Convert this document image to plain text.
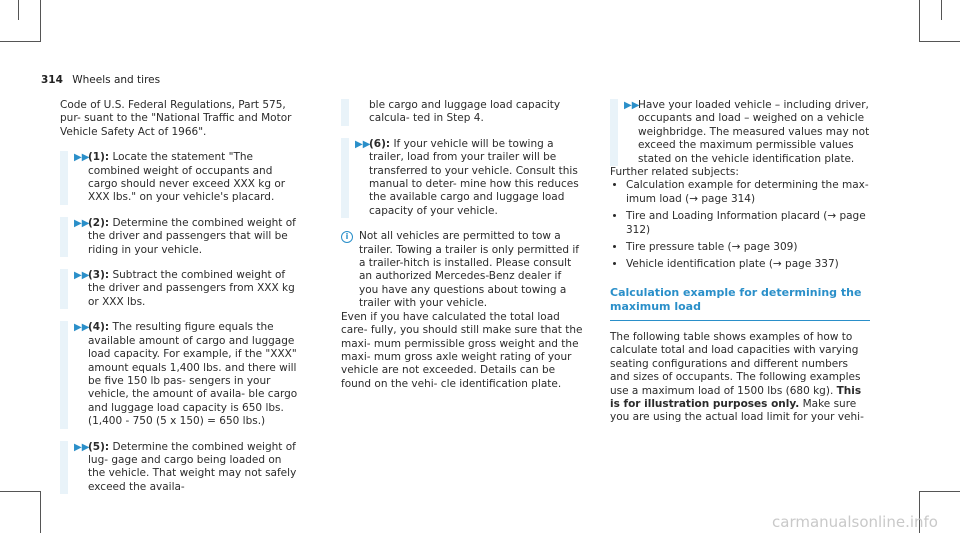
314 Wheels and tires

Code of U.S. Federal Regulations, Part 575, pur- suant to the "National Traffic and Motor Vehicle Safety Act of 1966".

▶▶
(1): Locate the statement "The combined weight of occupants and cargo should never exceed XXX kg or XXX lbs." on your vehicle's placard.
▶▶
(2): Determine the combined weight of the driver and passengers that will be riding in your vehicle.
▶▶
(3): Subtract the combined weight of the driver and passengers from XXX kg or XXX lbs.
▶▶
(4): The resulting figure equals the available amount of cargo and luggage load capacity. For example, if the "XXX" amount equals 1,400 lbs. and there will be five 150 lb pas- sengers in your vehicle, the amount of availa- ble cargo and luggage load capacity is 650 lbs. (1,400 - 750 (5 x 150) = 650 lbs.)
▶▶
(5): Determine the combined weight of lug- gage and cargo being loaded on the vehicle. That weight may not safely exceed the availa-
ble cargo and luggage load capacity calcula- ted in Step 4.
▶▶
(6): If your vehicle will be towing a trailer, load from your trailer will be transferred to your vehicle. Consult this manual to deter- mine how this reduces the available cargo and luggage load capacity of your vehicle.
i	Not all vehicles are permitted to tow a trailer. Towing a trailer is only permitted if a trailer-hitch is installed. Please consult an authorized Mercedes-Benz dealer if you have any questions about towing a trailer with your vehicle.

Even if you have calculated the total load care- fully, you should still make sure that the maxi- mum permissible gross weight and the maxi- mum gross axle weight rating of your vehicle are not exceeded. Details can be found on the vehi- cle identification plate.

▶▶
Have your loaded vehicle – including driver, occupants and load – weighed on a vehicle weighbridge. The measured values may not exceed the maximum permissible values stated on the vehicle identification plate.

Further related subjects:

• Calculation example for determining the max- imum load (→ page 314)
• Tire and Loading Information placard (→ page 312)
• Tire pressure table (→ page 309)
• Vehicle identification plate (→ page 337)
Calculation example for determining the maximum load

The following table shows examples of how to calculate total and load capacities with varying seating configurations and different numbers and sizes of occupants. The following examples use a maximum load of 1500 lbs (680 kg). This is for illustration purposes only. Make sure you are using the actual load limit for your vehi-

carmanualsonline.info
